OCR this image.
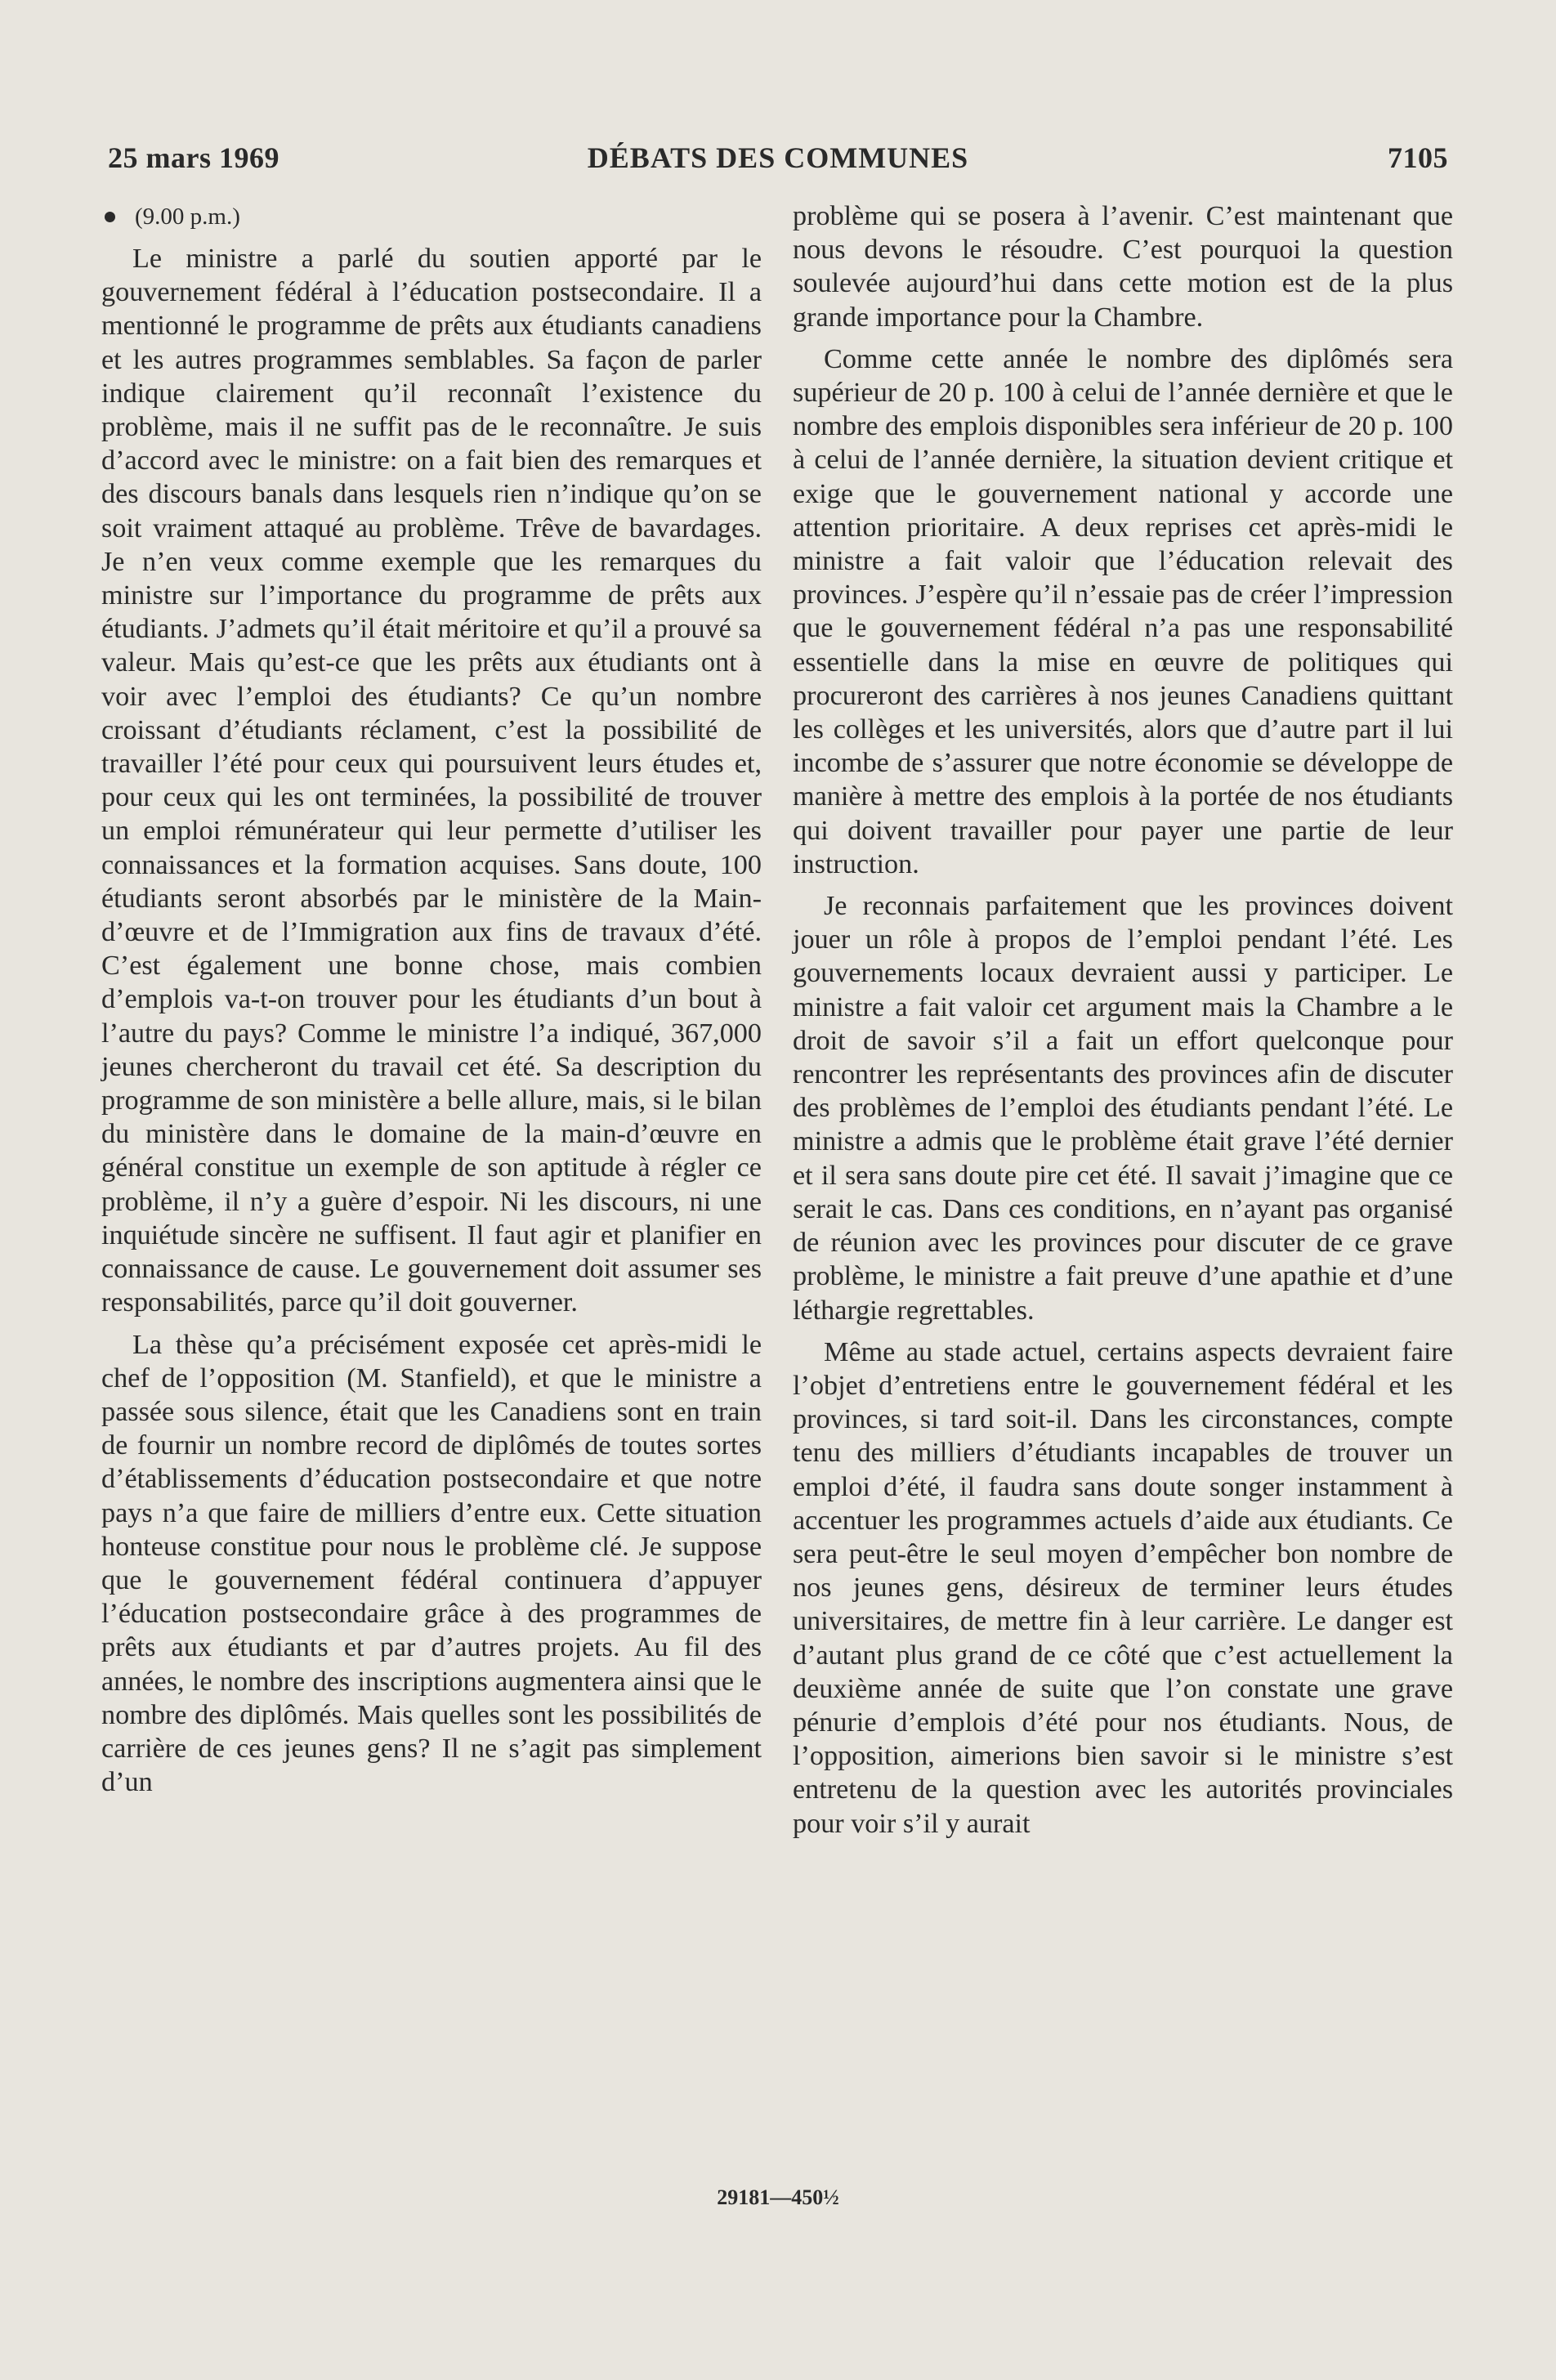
25 mars 1969	DÉBATS DES COMMUNES	7105
(9.00 p.m.)

Le ministre a parlé du soutien apporté par le gouvernement fédéral à l’éducation postsecondaire. Il a mentionné le programme de prêts aux étudiants canadiens et les autres programmes semblables. Sa façon de parler indique clairement qu’il reconnaît l’existence du problème, mais il ne suffit pas de le reconnaître. Je suis d’accord avec le ministre: on a fait bien des remarques et des discours banals dans lesquels rien n’indique qu’on se soit vraiment attaqué au problème. Trêve de bavardages. Je n’en veux comme exemple que les remarques du ministre sur l’importance du programme de prêts aux étudiants. J’admets qu’il était méritoire et qu’il a prouvé sa valeur. Mais qu’est-ce que les prêts aux étudiants ont à voir avec l’emploi des étudiants? Ce qu’un nombre croissant d’étudiants réclament, c’est la possibilité de travailler l’été pour ceux qui poursuivent leurs études et, pour ceux qui les ont terminées, la possibilité de trouver un emploi rémunérateur qui leur permette d’utiliser les connaissances et la formation acquises. Sans doute, 100 étudiants seront absorbés par le ministère de la Main-d’œuvre et de l’Immigration aux fins de travaux d’été. C’est également une bonne chose, mais combien d’emplois va-t-on trouver pour les étudiants d’un bout à l’autre du pays? Comme le ministre l’a indiqué, 367,000 jeunes chercheront du travail cet été. Sa description du programme de son ministère a belle allure, mais, si le bilan du ministère dans le domaine de la main-d’œuvre en général constitue un exemple de son aptitude à régler ce problème, il n’y a guère d’espoir. Ni les discours, ni une inquiétude sincère ne suffisent. Il faut agir et planifier en connaissance de cause. Le gouvernement doit assumer ses responsabilités, parce qu’il doit gouverner.

La thèse qu’a précisément exposée cet après-midi le chef de l’opposition (M. Stanfield), et que le ministre a passée sous silence, était que les Canadiens sont en train de fournir un nombre record de diplômés de toutes sortes d’établissements d’éducation postsecondaire et que notre pays n’a que faire de milliers d’entre eux. Cette situation honteuse constitue pour nous le problème clé. Je suppose que le gouvernement fédéral continuera d’appuyer l’éducation postsecondaire grâce à des programmes de prêts aux étudiants et par d’autres projets. Au fil des années, le nombre des inscriptions augmentera ainsi que le nombre des diplômés. Mais quelles sont les possibilités de carrière de ces jeunes gens? Il ne s’agit pas simplement d’un

problème qui se posera à l’avenir. C’est maintenant que nous devons le résoudre. C’est pourquoi la question soulevée aujourd’hui dans cette motion est de la plus grande importance pour la Chambre.

Comme cette année le nombre des diplômés sera supérieur de 20 p. 100 à celui de l’année dernière et que le nombre des emplois disponibles sera inférieur de 20 p. 100 à celui de l’année dernière, la situation devient critique et exige que le gouvernement national y accorde une attention prioritaire. A deux reprises cet après-midi le ministre a fait valoir que l’éducation relevait des provinces. J’espère qu’il n’essaie pas de créer l’impression que le gouvernement fédéral n’a pas une responsabilité essentielle dans la mise en œuvre de politiques qui procureront des carrières à nos jeunes Canadiens quittant les collèges et les universités, alors que d’autre part il lui incombe de s’assurer que notre économie se développe de manière à mettre des emplois à la portée de nos étudiants qui doivent travailler pour payer une partie de leur instruction.

Je reconnais parfaitement que les provinces doivent jouer un rôle à propos de l’emploi pendant l’été. Les gouvernements locaux devraient aussi y participer. Le ministre a fait valoir cet argument mais la Chambre a le droit de savoir s’il a fait un effort quelconque pour rencontrer les représentants des provinces afin de discuter des problèmes de l’emploi des étudiants pendant l’été. Le ministre a admis que le problème était grave l’été dernier et il sera sans doute pire cet été. Il savait j’imagine que ce serait le cas. Dans ces conditions, en n’ayant pas organisé de réunion avec les provinces pour discuter de ce grave problème, le ministre a fait preuve d’une apathie et d’une léthargie regrettables.

Même au stade actuel, certains aspects devraient faire l’objet d’entretiens entre le gouvernement fédéral et les provinces, si tard soit-il. Dans les circonstances, compte tenu des milliers d’étudiants incapables de trouver un emploi d’été, il faudra sans doute songer instamment à accentuer les programmes actuels d’aide aux étudiants. Ce sera peut-être le seul moyen d’empêcher bon nombre de nos jeunes gens, désireux de terminer leurs études universitaires, de mettre fin à leur carrière. Le danger est d’autant plus grand de ce côté que c’est actuellement la deuxième année de suite que l’on constate une grave pénurie d’emplois d’été pour nos étudiants. Nous, de l’opposition, aimerions bien savoir si le ministre s’est entretenu de la question avec les autorités provinciales pour voir s’il y aurait

29181—450½
